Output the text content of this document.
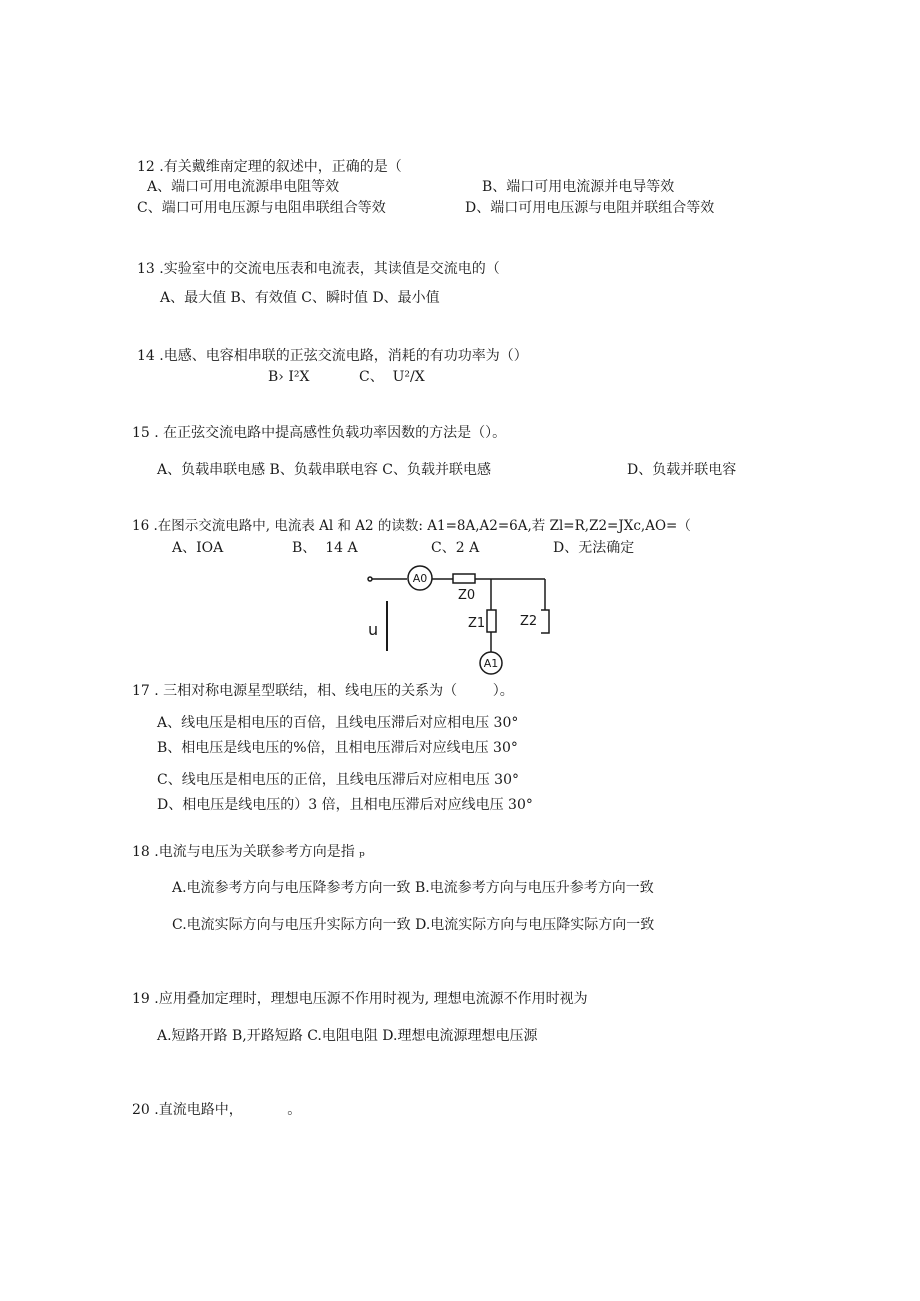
12 .有关戴维南定理的叙述中，正确的是（
A、端口可用电流源串电阻等效	B、端口可用电流源并电导等效
C、端口可用电压源与电阻串联组合等效	D、端口可用电压源与电阻并联组合等效
13 .实验室中的交流电压表和电流表，其读值是交流电的（
A、最大值 B、有效值 C、瞬时值 D、最小值
14 .电感、电容相串联的正弦交流电路，消耗的有功功率为（）
B› I²X	C、  U²/X
15 . 在正弦交流电路中提高感性负载功率因数的方法是（）。
A、负载串联电感 B、负载串联电容 C、负载并联电感	D、负载并联电容
16 .在图示交流电路中, 电流表 Al 和 A2 的读数: A1=8A,A2=6A,若 Zl=R,Z2=JXc,AO=（
A、IOA	B、  14 A	C、2 A	D、无法确定
A0
A1
Z0
Z1	Z2
u
17 . 三相对称电源星型联结，相、线电压的关系为（        ）。
A、线电压是相电压的百倍，且线电压滞后对应相电压 30°
B、相电压是线电压的%倍，且相电压滞后对应线电压 30°
C、线电压是相电压的正倍，且线电压滞后对应相电压 30°
D、相电压是线电压的）3 倍，且相电压滞后对应线电压 30°
18 .电流与电压为关联参考方向是指 ₚ
A.电流参考方向与电压降参考方向一致 B.电流参考方向与电压升参考方向一致
C.电流实际方向与电压升实际方向一致 D.电流实际方向与电压降实际方向一致
19 .应用叠加定理时，理想电压源不作用时视为, 理想电流源不作用时视为
A.短路开路 B,开路短路 C.电阻电阻 D.理想电流源理想电压源
20 .直流电路中，          。
